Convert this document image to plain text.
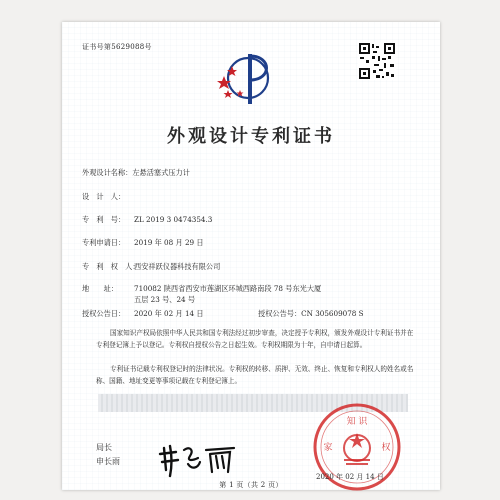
证书号第5629088号
外观设计专利证书
外观设计名称：左悬活塞式压力计
设　计　人：
专　利　号： ZL 2019 3 0474354.3
专利申请日： 2019 年 08 月 29 日
专　利　权　人：西安祥跃仪器科技有限公司
地　　址： 710082 陕西省西安市莲湖区环城西路南段 78 号东光大厦
五层 23 号、24 号
授权公告日： 2020 年 02 月 14 日	授权公告号：CN 305609078 S
国家知识产权局依照中华人民共和国专利法经过初步审查，决定授予专利权，颁发外观设计专利证书并在专利登记簿上予以登记。专利权自授权公告之日起生效。专利权期限为十年，自申请日起算。
专利证书记载专利权登记时的法律状况。专利权的转移、质押、无效、终止、恢复和专利权人的姓名或名称、国籍、地址变更等事项记载在专利登记簿上。
局长
申长雨
知 识
家	权
2020 年 02 月 14 日
第 1 页（共 2 页）
